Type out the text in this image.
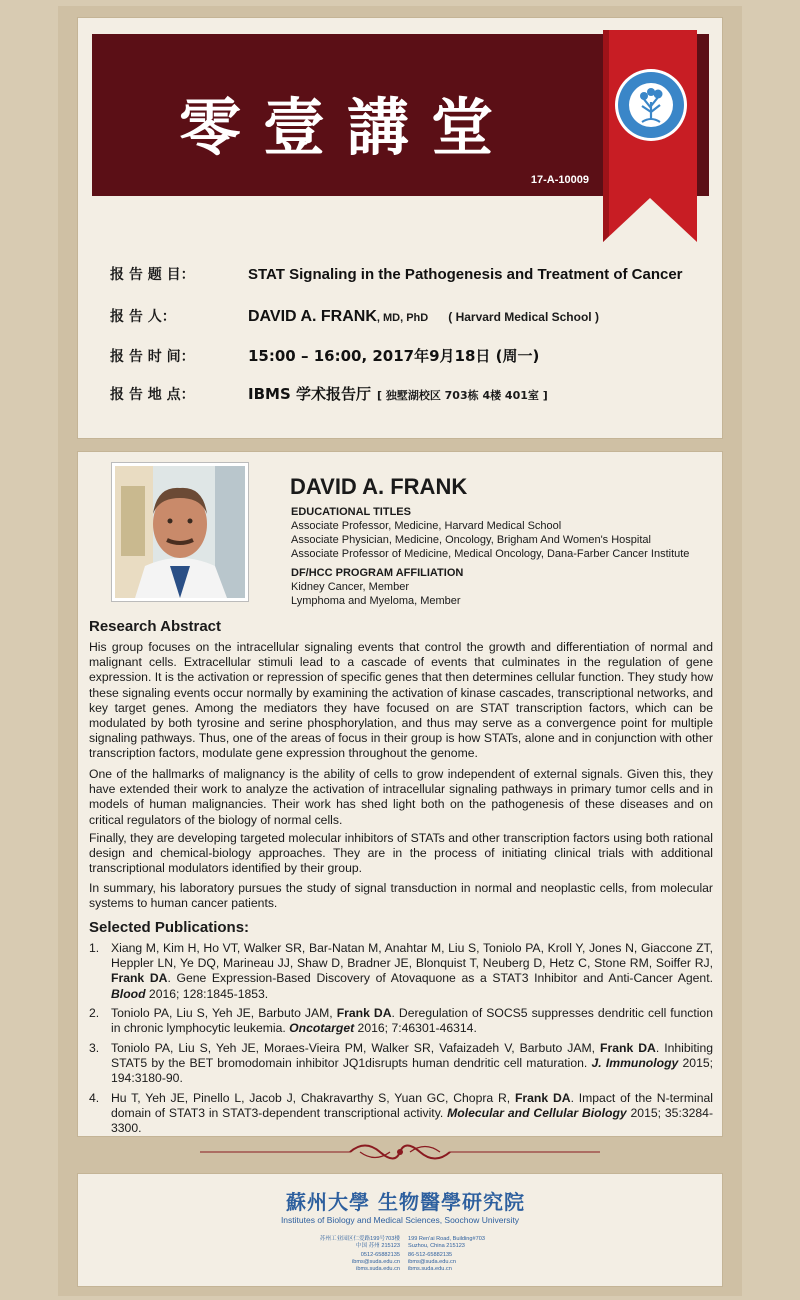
零壹講堂
17-A-10009
报 告 题 目：	STAT Signaling in the Pathogenesis and Treatment of Cancer
报 告 人：	DAVID A. FRANK , MD, PhD ( Harvard Medical School )
报 告 时 间：	15:00 – 16:00, 2017年9月18日 (周一)
报 告 地 点：	IBMS 学术报告厅 [ 独墅湖校区 703栋 4楼 401室 ]
DAVID A. FRANK
EDUCATIONAL TITLES
Associate Professor, Medicine, Harvard Medical School
Associate Physician, Medicine, Oncology, Brigham And Women's Hospital
Associate Professor of Medicine, Medical Oncology, Dana-Farber Cancer Institute
DF/HCC PROGRAM AFFILIATION
Kidney Cancer, Member
Lymphoma and Myeloma, Member
Research Abstract
His group focuses on the intracellular signaling events that control the growth and differentiation of normal and malignant cells. Extracellular stimuli lead to a cascade of events that culminates in the regulation of gene expression. It is the activation or repression of specific genes that then determines cellular function. They study how these signaling events occur normally by examining the activation of kinase cascades, transcriptional networks, and key target genes. Among the mediators they have focused on are STAT transcription factors, which can be modulated by both tyrosine and serine phosphorylation, and thus may serve as a convergence point for multiple signaling pathways. Thus, one of the areas of focus in their group is how STATs, alone and in conjunction with other transcription factors, modulate gene expression throughout the genome.
One of the hallmarks of malignancy is the ability of cells to grow independent of external signals. Given this, they have extended their work to analyze the activation of intracellular signaling pathways in primary tumor cells and in models of human malignancies. Their work has shed light both on the pathogenesis of these diseases and on critical regulators of the biology of normal cells.
Finally, they are developing targeted molecular inhibitors of STATs and other transcription factors using both rational design and chemical-biology approaches. They are in the process of initiating clinical trials with additional transcriptional modulators identified by their group.
In summary, his laboratory pursues the study of signal transduction in normal and neoplastic cells, from molecular systems to human cancer patients.
Selected Publications:
1. Xiang M, Kim H, Ho VT, Walker SR, Bar-Natan M, Anahtar M, Liu S, Toniolo PA, Kroll Y, Jones N, Giaccone ZT, Heppler LN, Ye DQ, Marineau JJ, Shaw D, Bradner JE, Blonquist T, Neuberg D, Hetz C, Stone RM, Soiffer RJ, Frank DA. Gene Expression-Based Discovery of Atovaquone as a STAT3 Inhibitor and Anti-Cancer Agent. Blood 2016; 128:1845-1853.
2. Toniolo PA, Liu S, Yeh JE, Barbuto JAM, Frank DA. Deregulation of SOCS5 suppresses dendritic cell function in chronic lymphocytic leukemia. Oncotarget 2016; 7:46301-46314.
3. Toniolo PA, Liu S, Yeh JE, Moraes-Vieira PM, Walker SR, Vafaizadeh V, Barbuto JAM, Frank DA. Inhibiting STAT5 by the BET bromodomain inhibitor JQ1disrupts human dendritic cell maturation. J. Immunology 2015; 194:3180-90.
4. Hu T, Yeh JE, Pinello L, Jacob J, Chakravarthy S, Yuan GC, Chopra R, Frank DA. Impact of the N-terminal domain of STAT3 in STAT3-dependent transcriptional activity. Molecular and Cellular Biology 2015; 35:3284-3300.
蘇州大學 生物醫學研究院
Institutes of Biology and Medical Sciences, Soochow University
苏州工业园区仁爱路199号703楼
中国 苏州 215123
199 Ren'ai Road, Building#703
Suzhou, China 215123
0512-65882135
ibms@suda.edu.cn
ibms.suda.edu.cn
86-512-65882135
ibms@suda.edu.cn
ibms.suda.edu.cn
